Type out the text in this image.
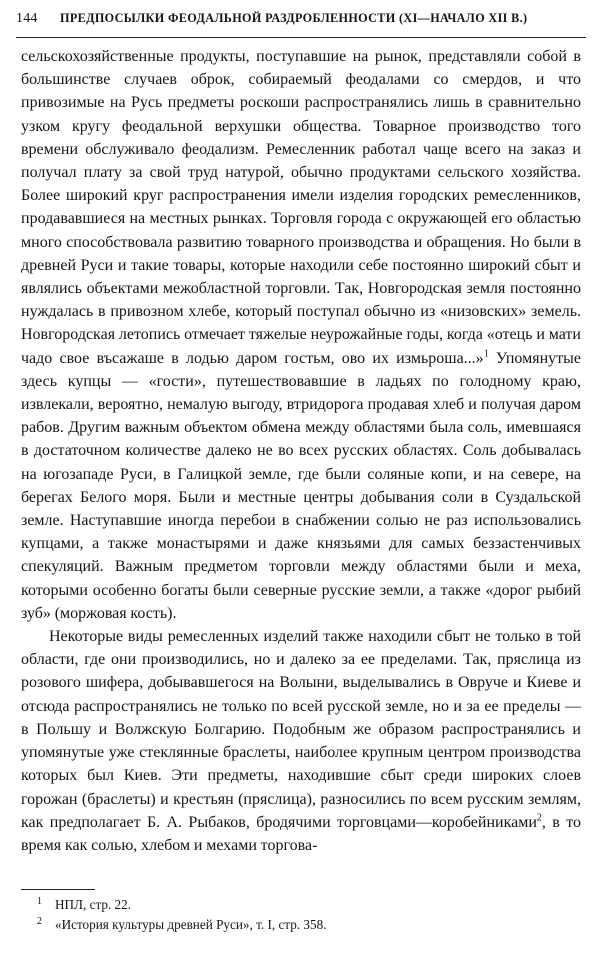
144	ПРЕДПОСЫЛКИ ФЕОДАЛЬНОЙ РАЗДРОБЛЕННОСТИ (XI—НАЧАЛО XII В.)

сельскохозяйственные продукты, поступавшие на рынок, представляли собой в большинстве случаев оброк, собираемый феодалами со смердов, и что привозимые на Русь предметы роскоши распространялись лишь в сравнительно узком кругу феодальной верхушки общества. Товарное производство того времени обслуживало феодализм. Ремесленник работал чаще всего на заказ и получал плату за свой труд натурой, обычно продуктами сельского хозяйства. Более широкий круг распространения имели изделия городских ремесленников, продававшиеся на местных рынках. Торговля города с окружающей его областью много способствовала развитию товарного производства и обращения. Но были в древней Руси и такие товары, которые находили себе постоянно широкий сбыт и являлись объектами межобластной торговли. Так, Новгородская земля постоянно нуждалась в привозном хлебе, который поступал обычно из «низовских» земель. Новгородская летопись отмечает тяжелые неурожайные годы, когда «отець и мати чадо свое въсажаше в лодью даром гостьм, ово их измьроша...»$^1$ Упомянутые здесь купцы — «гости», путешествовавшие в ладьях по голодному краю, извлекали, вероятно, немалую выгоду, втридорога продавая хлеб и получая даром рабов. Другим важным объектом обмена между областями была соль, имевшаяся в достаточном количестве далеко не во всех русских областях. Соль добывалась на югозападе Руси, в Галицкой земле, где были соляные копи, и на севере, на берегах Белого моря. Были и местные центры добывания соли в Суздальской земле. Наступавшие иногда перебои в снабжении солью не раз использовались купцами, а также монастырями и даже князьями для самых беззастенчивых спекуляций. Важным предметом торговли между областями были и меха, которыми особенно богаты были северные русские земли, а также «дорог рыбий зуб» (моржовая кость).

Некоторые виды ремесленных изделий также находили сбыт не только в той области, где они производились, но и далеко за ее пределами. Так, пряслица из розового шифера, добывавшегося на Волыни, выделывались в Овруче и Киеве и отсюда распространялись не только по всей русской земле, но и за ее пределы — в Польшу и Волжскую Болгарию. Подобным же образом распространялись и упомянутые уже стеклянные браслеты, наиболее крупным центром производства которых был Киев. Эти предметы, находившие сбыт среди широких слоев горожан (браслеты) и крестьян (пряслица), разносились по всем русским землям, как предполагает Б. А. Рыбаков, бродячими торговцами—коробейниками$^2$, в то время как солью, хлебом и мехами торгова-

1 НПЛ, стр. 22.
2 «История культуры древней Руси», т. I, стр. 358.
